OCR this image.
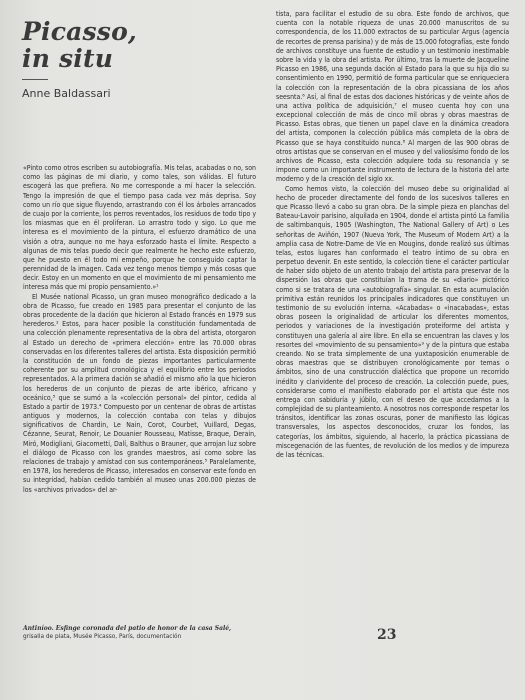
Picasso,
in situ
Anne Baldassari

«Pinto como otros escriben su autobiografía. Mis telas, acabadas o no, son como las páginas de mi diario, y como tales, son válidas. El futuro escogerá las que prefiera. No me corresponde a mí hacer la selección. Tengo la impresión de que el tiempo pasa cada vez más deprisa. Soy como un río que sigue fluyendo, arrastrando con él los árboles arrancados de cuajo por la corriente, los perros reventados, los residuos de todo tipo y los miasmas que en él proliferan. Lo arrastro todo y sigo. Lo que me interesa es el movimiento de la pintura, el esfuerzo dramático de una visión a otra, aunque no me haya esforzado hasta el límite. Respecto a algunas de mis telas puedo decir que realmente he hecho este esfuerzo, que he puesto en él todo mi empeño, porque he conseguido captar la perennidad de la imagen. Cada vez tengo menos tiempo y más cosas que decir. Estoy en un momento en que el movimiento de mi pensamiento me interesa más que mi propio pensamiento.»¹

El Musée national Picasso, un gran museo monográfico dedicado a la obra de Picasso, fue creado en 1985 para presentar el conjunto de las obras procedente de la dación que hicieron al Estado francés en 1979 sus herederos.² Estos, para hacer posible la constitución fundamentada de una colección plenamente representativa de la obra del artista, otorgaron al Estado un derecho de «primera elección» entre las 70.000 obras conservadas en los diferentes talleres del artista. Esta disposición permitió la constitución de un fondo de piezas importantes particularmente coherente por su amplitud cronológica y el equilibrio entre los periodos representados. A la primera dación se añadió el mismo año la que hicieron los herederos de un conjunto de piezas de arte ibérico, africano y oceánico,³ que se sumó a la «colección personal» del pintor, cedida al Estado a partir de 1973.⁴ Compuesto por un centenar de obras de artistas antiguos y modernos, la colección contaba con telas y dibujos significativos de Chardin, Le Nain, Corot, Courbet, Vuillard, Degas, Cézanne, Seurat, Renoir, Le Douanier Rousseau, Matisse, Braque, Derain, Miró, Modigliani, Giacometti, Dalí, Balthus o Brauner, que arrojan luz sobre el diálogo de Picasso con los grandes maestros, así como sobre las relaciones de trabajo y amistad con sus contemporáneos.⁵ Paralelamente, en 1978, los herederos de Picasso, interesados en conservar este fondo en su integridad, habían cedido también al museo unas 200.000 piezas de los «archivos privados» del ar-

tista, para facilitar el estudio de su obra. Este fondo de archivos, que cuenta con la notable riqueza de unas 20.000 manuscritos de su correspondencia, de los 11.000 extractos de su particular Argus (agencia de recortes de prensa parisina) y de más de 15.000 fotografías, este fondo de archivos constituye una fuente de estudio y un testimonio inestimable sobre la vida y la obra del artista. Por último, tras la muerte de Jacqueline Picasso en 1986, una segunda dación al Estado para la que su hija dio su consentimiento en 1990, permitió de forma particular que se enriqueciera la colección con la representación de la obra picassiana de los años seesnta.⁶ Así, al final de estas dos daciones históricas y de veinte años de una activa política de adquisición,⁷ el museo cuenta hoy con una excepcional colección de más de cinco mil obras y obras maestras de Picasso. Estas obras, que tienen un papel clave en la dinámica creadora del artista, componen la colección pública más completa de la obra de Picasso que se haya constituido nunca.⁸ Al margen de las 900 obras de otros artistas que se conservan en el museo y del valiosísimo fondo de los archivos de Picasso, esta colección adquiere toda su resonancia y se impone como un importante instrumento de lectura de la historia del arte moderno y de la creación del siglo xx.

Como hemos visto, la colección del museo debe su originalidad al hecho de proceder directamente del fondo de los sucesivos talleres en que Picasso llevó a cabo su gran obra. De la simple pieza en planchas del Bateau-Lavoir parisino, alquilada en 1904, donde el artista pintó La familia de saltimbanquis, 1905 (Washington, The National Gallery of Art) o Les señoritas de Aviñón, 1907 (Nueva York, The Museum of Modern Art) a la amplia casa de Notre-Dame de Vie en Mougins, donde realizó sus últimas telas, estos lugares han conformado el teatro íntimo de su obra en perpetuo devenir. En este sentido, la colección tiene el carácter particular de haber sido objeto de un atento trabajo del artista para preservar de la dispersión las obras que constituían la trama de su «diario» pictórico como si se tratara de una «autobiografía» singular. En esta acumulación primitiva están reunidos los principales indicadores que constituyen un testimonio de su evolución interna. «Acabadas» o «inacabadas», estas obras poseen la originalidad de articular los diferentes momentos, periodos y variaciones de la investigación proteiforme del artista y constituyen una galería al aire libre. En ella se encuentran las claves y los resortes del «movimiento de su pensamiento»⁹ y de la pintura que estaba creando. No se trata simplemente de una yuxtaposición enumerable de obras maestras que se distribuyen cronológicamente por temas o ámbitos, sino de una construcción dialéctica que propone un recorrido inédito y clarividente del proceso de creación. La colección puede, pues, considerarse como el manifiesto elaborado por el artista que éste nos entrega con sabiduría y júbilo, con el deseo de que accedamos a la complejidad de su planteamiento. A nosotros nos corresponde respetar los tránsitos, identificar las zonas oscuras, poner de manifiesto las lógicas transversales, los aspectos desconocidos, cruzar los fondos, las categorías, los ámbitos, siguiendo, al hacerlo, la práctica picassiana de miscegenación de las fuentes, de revolución de los medios y de impureza de las técnicas.

Antiníoo. Esfinge coronada del patio de honor de la casa Salé,
grisalla de plata, Musée Picasso, París, documentación	23
